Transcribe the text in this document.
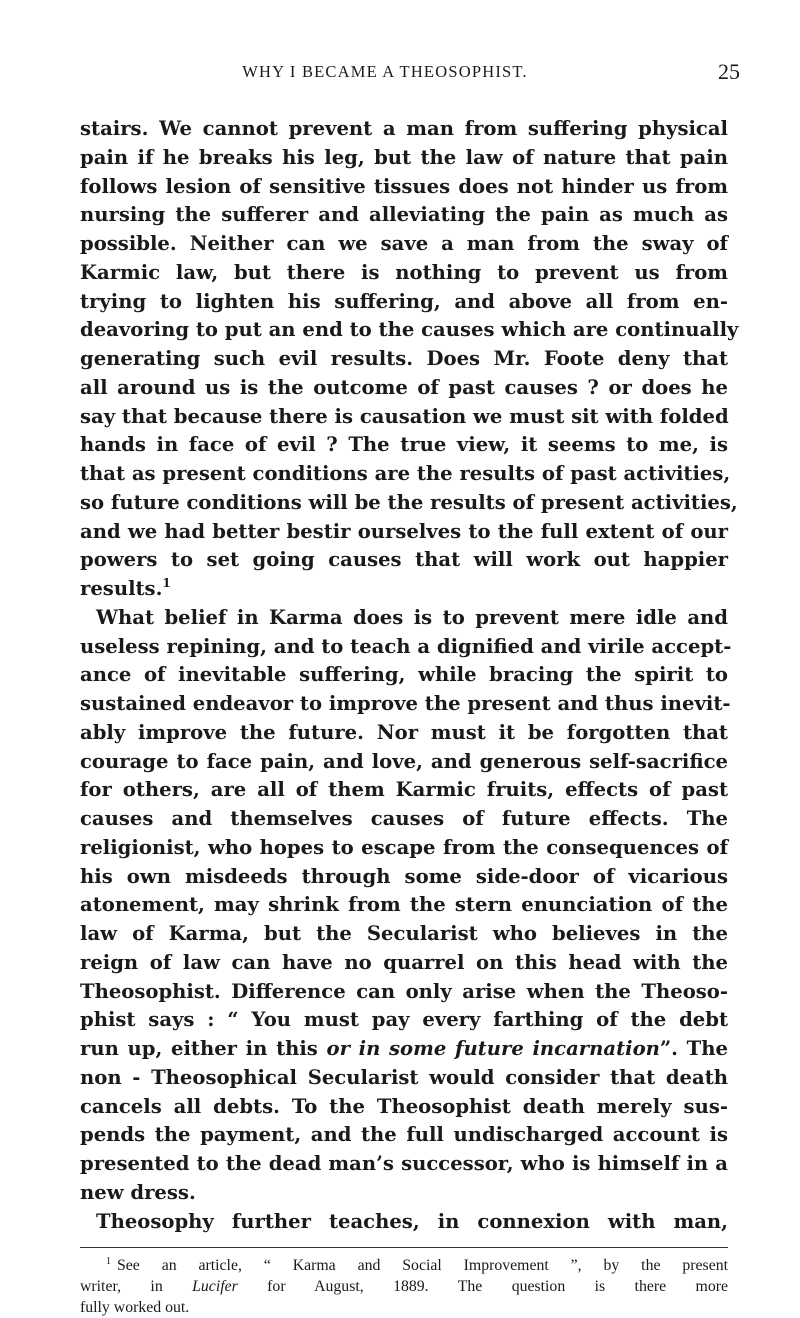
WHY I BECAME A THEOSOPHIST.	25
stairs. We cannot prevent a man from suffering physical
pain if he breaks his leg, but the law of nature that pain
follows lesion of sensitive tissues does not hinder us from
nursing the sufferer and alleviating the pain as much as
possible. Neither can we save a man from the sway of
Karmic law, but there is nothing to prevent us from
trying to lighten his suffering, and above all from en-
deavoring to put an end to the causes which are continually
generating such evil results. Does Mr. Foote deny that
all around us is the outcome of past causes ? or does he
say that because there is causation we must sit with folded
hands in face of evil ? The true view, it seems to me, is
that as present conditions are the results of past activities,
so future conditions will be the results of present activities,
and we had better bestir ourselves to the full extent of our
powers to set going causes that will work out happier
results.$^1$
What belief in Karma does is to prevent mere idle and
useless repining, and to teach a dignified and virile accept-
ance of inevitable suffering, while bracing the spirit to
sustained endeavor to improve the present and thus inevit-
ably improve the future. Nor must it be forgotten that
courage to face pain, and love, and generous self-sacrifice
for others, are all of them Karmic fruits, effects of past
causes and themselves causes of future effects. The
religionist, who hopes to escape from the consequences of
his own misdeeds through some side-door of vicarious
atonement, may shrink from the stern enunciation of the
law of Karma, but the Secularist who believes in the
reign of law can have no quarrel on this head with the
Theosophist. Difference can only arise when the Theoso-
phist says : “ You must pay every farthing of the debt
run up, either in this or in some future incarnation”. The
non - Theosophical Secularist would consider that death
cancels all debts. To the Theosophist death merely sus-
pends the payment, and the full undischarged account is
presented to the dead man’s successor, who is himself in a
new dress.
Theosophy further teaches, in connexion with man,
$^1$ See an article, “ Karma and Social Improvement ”, by the present
writer, in Lucifer for August, 1889. The question is there more
fully worked out.
